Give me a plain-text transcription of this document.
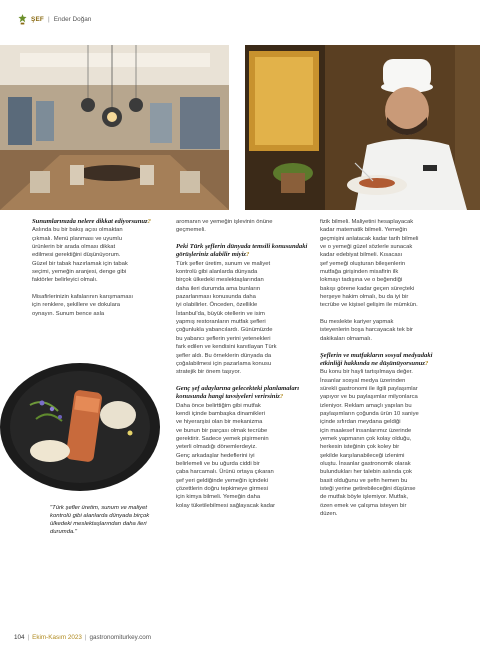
ŞEF | Ender Doğan
Sunumlarınızda nelere dikkat ediyorsunuz?

Aslında bu bir bakış açısı olmaktan

çıkmalı. Menü planması ve uyumlu

ürünlerin bir arada olması dikkat

edilmesi gerektiğini düşünüyorum.

Güzel bir tabak hazırlamak için tabak

seçimi, yemeğin aranjesi, denge gibi

faktörler belirleyici olmalı.

Misafirlerinizin kafalarının karışmaması

için renklere, şekillere ve dokulara

oynayın. Sunum bence asla

"Türk şefler üretim, sunum ve maliyet kontrolü gibi alanlarda dünyada birçok ülkedeki meslektaşlarından daha ileri durumda."

aromanın ve yemeğin işlevinin önüne

geçmemeli.

Peki Türk şeflerin dünyada temsili konusundaki görüşleriniz alabilir miyiz?

Türk şefler üretim, sunum ve maliyet

kontrolü gibi alanlarda dünyada

birçok ülkedeki meslektaşlarından

daha ileri durumda ama bunların

pazarlanması konusunda daha

iyi olabilirler. Önceden, özellikle

İstanbul'da, büyük otellerin ve isim

yapmış restoranların mutfak şefleri

çoğunlukla yabancılardı. Günümüzde

bu yabancı şeflerin yerini yetenekleri

fark edilen ve kendisini kanıtlayan Türk

şefler aldı. Bu örneklerin dünyada da

çoğalabilmesi için pazarlama konusu

stratejik bir önem taşıyor.

Genç şef adaylarına gelecekteki planlamaları konusunda hangi tavsiyeleri verirsiniz?

Daha önce belirttiğim gibi mutfak

kendi içinde bambaşka dinamikleri

ve hiyerarşisi olan bir mekanizma

ve bunun bir parçası olmak tecrübe

gerektirir. Sadece yemek pişirmenin

yeterli olmadığı dönemlerdeyiz.

Genç arkadaşlar hedeflerini iyi

belirlemeli ve bu uğurda ciddi bir

çaba harcamalı. Ürünü ortaya çıkaran

şef yeri geldiğinde yemeğin içindeki

çözettlerin doğru tepkimeye girmesi

için kimya bilmeli. Yemeğin daha

kolay tüketilebilmesi sağlayacak kadar

fizik bilmeli. Maliyetini hesaplayacak

kadar matematik bilmeli. Yemeğin

geçmişini anlatacak kadar tarih bilmeli

ve o yemeği güzel sözlerle sunacak

kadar edebiyat bilmeli. Kısacası

şef yemeği oluşturan bileşenlerin

mutfağa girişinden misafirin ilk

lokmayı tadışına ve o beğendiği

bakışı görene kadar geçen süreçteki

herşeye hakim olmalı, bu da iyi bir

tecrübe ve kişisel gelişim ile mümkün.

Bu meslekte kariyer yapmak

isteyenlerin boşa harcayacak tek bir

dakikaları olmamalı.

Şeflerin ve mutfakların sosyal medyadaki etkinliği hakkında ne düşünüyorsunuz?

Bu konu bir hayli tartışılmaya değer.

İnsanlar sosyal medya üzerinden

sürekli gastronomi ile ilgili paylaşımlar

yapıyor ve bu paylaşımlar milyonlarca

izleniyor. Reklam amaçlı yapılan bu

paylaşımların çoğunda ürün 10 saniye

içinde sıfırdan meydana geldiği

için maalesef insanlarımız üzerinde

yemek yapmanın çok kolay olduğu,

herkesin isteğinin çok koley bir

şekilde karşılanabileceği izlenimi

oluştu. İnsanlar gastronomik olarak

bulundukları her talebin aslında çok

basit olduğunu ve şefin hemen bu

isteği yerine getirebileceğini düşünse

de mutfak böyle işlemiyor. Mutfak,

özen emek ve çalışma isteyen bir

düzen.

104 | Ekim-Kasım 2023 | gastronomiturkey.com
